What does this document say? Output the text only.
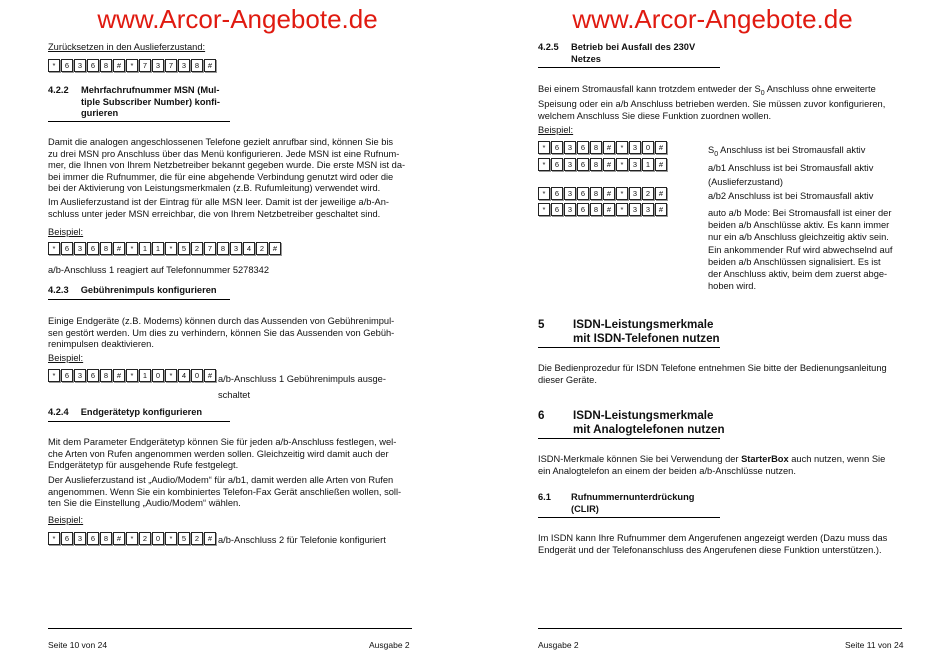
www.Arcor-Angebote.de
Zurücksetzen in den Auslieferzustand:
*	6	3	6	8	#	*	7	3	7	3	8	#
4.2.2 Mehrfachrufnummer MSN (Mul-
tiple Subscriber Number) konfi-
gurieren
Damit die analogen angeschlossenen Telefone gezielt anrufbar sind, können Sie bis
zu drei MSN pro Anschluss über das Menü konfigurieren. Jede MSN ist eine Rufnum-
mer, die Ihnen von Ihrem Netzbetreiber bekannt gegeben wurde. Die erste MSN ist da-
bei immer die Rufnummer, die für eine abgehende Verbindung genutzt wird oder die
bei der Aktivierung von Leistungsmerkmalen (z.B. Rufumleitung) verwendet wird.
Im Auslieferzustand ist der Eintrag für alle MSN leer. Damit ist der jeweilige a/b-An-
schluss unter jeder MSN erreichbar, die von Ihrem Netzbetreiber geschaltet sind.
Beispiel:
*	6	3	6	8	#	*	1	1	*	5	2	7	8	3	4	2	#
a/b-Anschluss 1 reagiert auf Telefonnummer 5278342
4.2.3 Gebührenimpuls konfigurieren
Einige Endgeräte (z.B. Modems) können durch das Aussenden von Gebührenimpul-
sen gestört werden. Um dies zu verhindern, können Sie das Aussenden von Gebüh-
renimpulsen deaktivieren.
Beispiel:
*	6	3	6	8	#	*	1	0	*	4	0	# a/b-Anschluss 1 Gebührenimpuls ausge-
schaltet
4.2.4 Endgerätetyp konfigurieren
Mit dem Parameter Endgerätetyp können Sie für jeden a/b-Anschluss festlegen, wel-
che Arten von Rufen angenommen werden sollen. Gleichzeitig wird damit auch der
Endgerätetyp für ausgehende Rufe festgelegt.
Der Auslieferzustand ist „Audio/Modem“ für a/b1, damit werden alle Arten von Rufen
angenommen. Wenn Sie ein kombiniertes Telefon-Fax Gerät anschließen wollen, soll-
ten Sie die Einstellung „Audio/Modem“ wählen.
Beispiel:
*	6	3	6	8	#	*	2	0	*	5	2	# a/b-Anschluss 2 für Telefonie konfiguriert
Seite 10 von 24	Ausgabe 2
www.Arcor-Angebote.de
4.2.5 Betrieb bei Ausfall des 230V
Netzes
Bei einem Stromausfall kann trotzdem entweder der $S_0$ Anschluss ohne erweiterte
Speisung oder ein a/b Anschluss betrieben werden. Sie müssen zuvor konfigurieren,
welchem Anschluss Sie diese Funktion zuordnen wollen.
Beispiel:
*	6	3	6	8	#	*	3	0	#	$S_0$ Anschluss ist bei Stromausfall aktiv
*	6	3	6	8	#	*	3	1	#	a/b1 Anschluss ist bei Stromausfall aktiv
(Auslieferzustand)
*	6	3	6	8	#	*	3	2	#	a/b2 Anschluss ist bei Stromausfall aktiv
*	6	3	6	8	#	*	3	3	#	auto a/b Mode: Bei Stromausfall ist einer der
beiden a/b Anschlüsse aktiv. Es kann immer
nur ein a/b Anschluss gleichzeitig aktiv sein.
Ein ankommender Ruf wird abwechselnd auf
beiden a/b Anschlüssen signalisiert. Es ist
der Anschluss aktiv, beim dem zuerst abge-
hoben wird.
5 ISDN-Leistungsmerkmale
mit ISDN-Telefonen nutzen
Die Bedienprozedur für ISDN Telefone entnehmen Sie bitte der Bedienungsanleitung
dieser Geräte.
6 ISDN-Leistungsmerkmale
mit Analogtelefonen nutzen
ISDN-Merkmale können Sie bei Verwendung der StarterBox auch nutzen, wenn Sie
ein Analogtelefon an einem der beiden a/b-Anschlüsse nutzen.
6.1 Rufnummernunterdrückung
(CLIR)
Im ISDN kann Ihre Rufnummer dem Angerufenen angezeigt werden (Dazu muss das
Endgerät und der Telefonanschluss des Angerufenen diese Funktion unterstützen.).
Ausgabe 2	Seite 11 von 24
